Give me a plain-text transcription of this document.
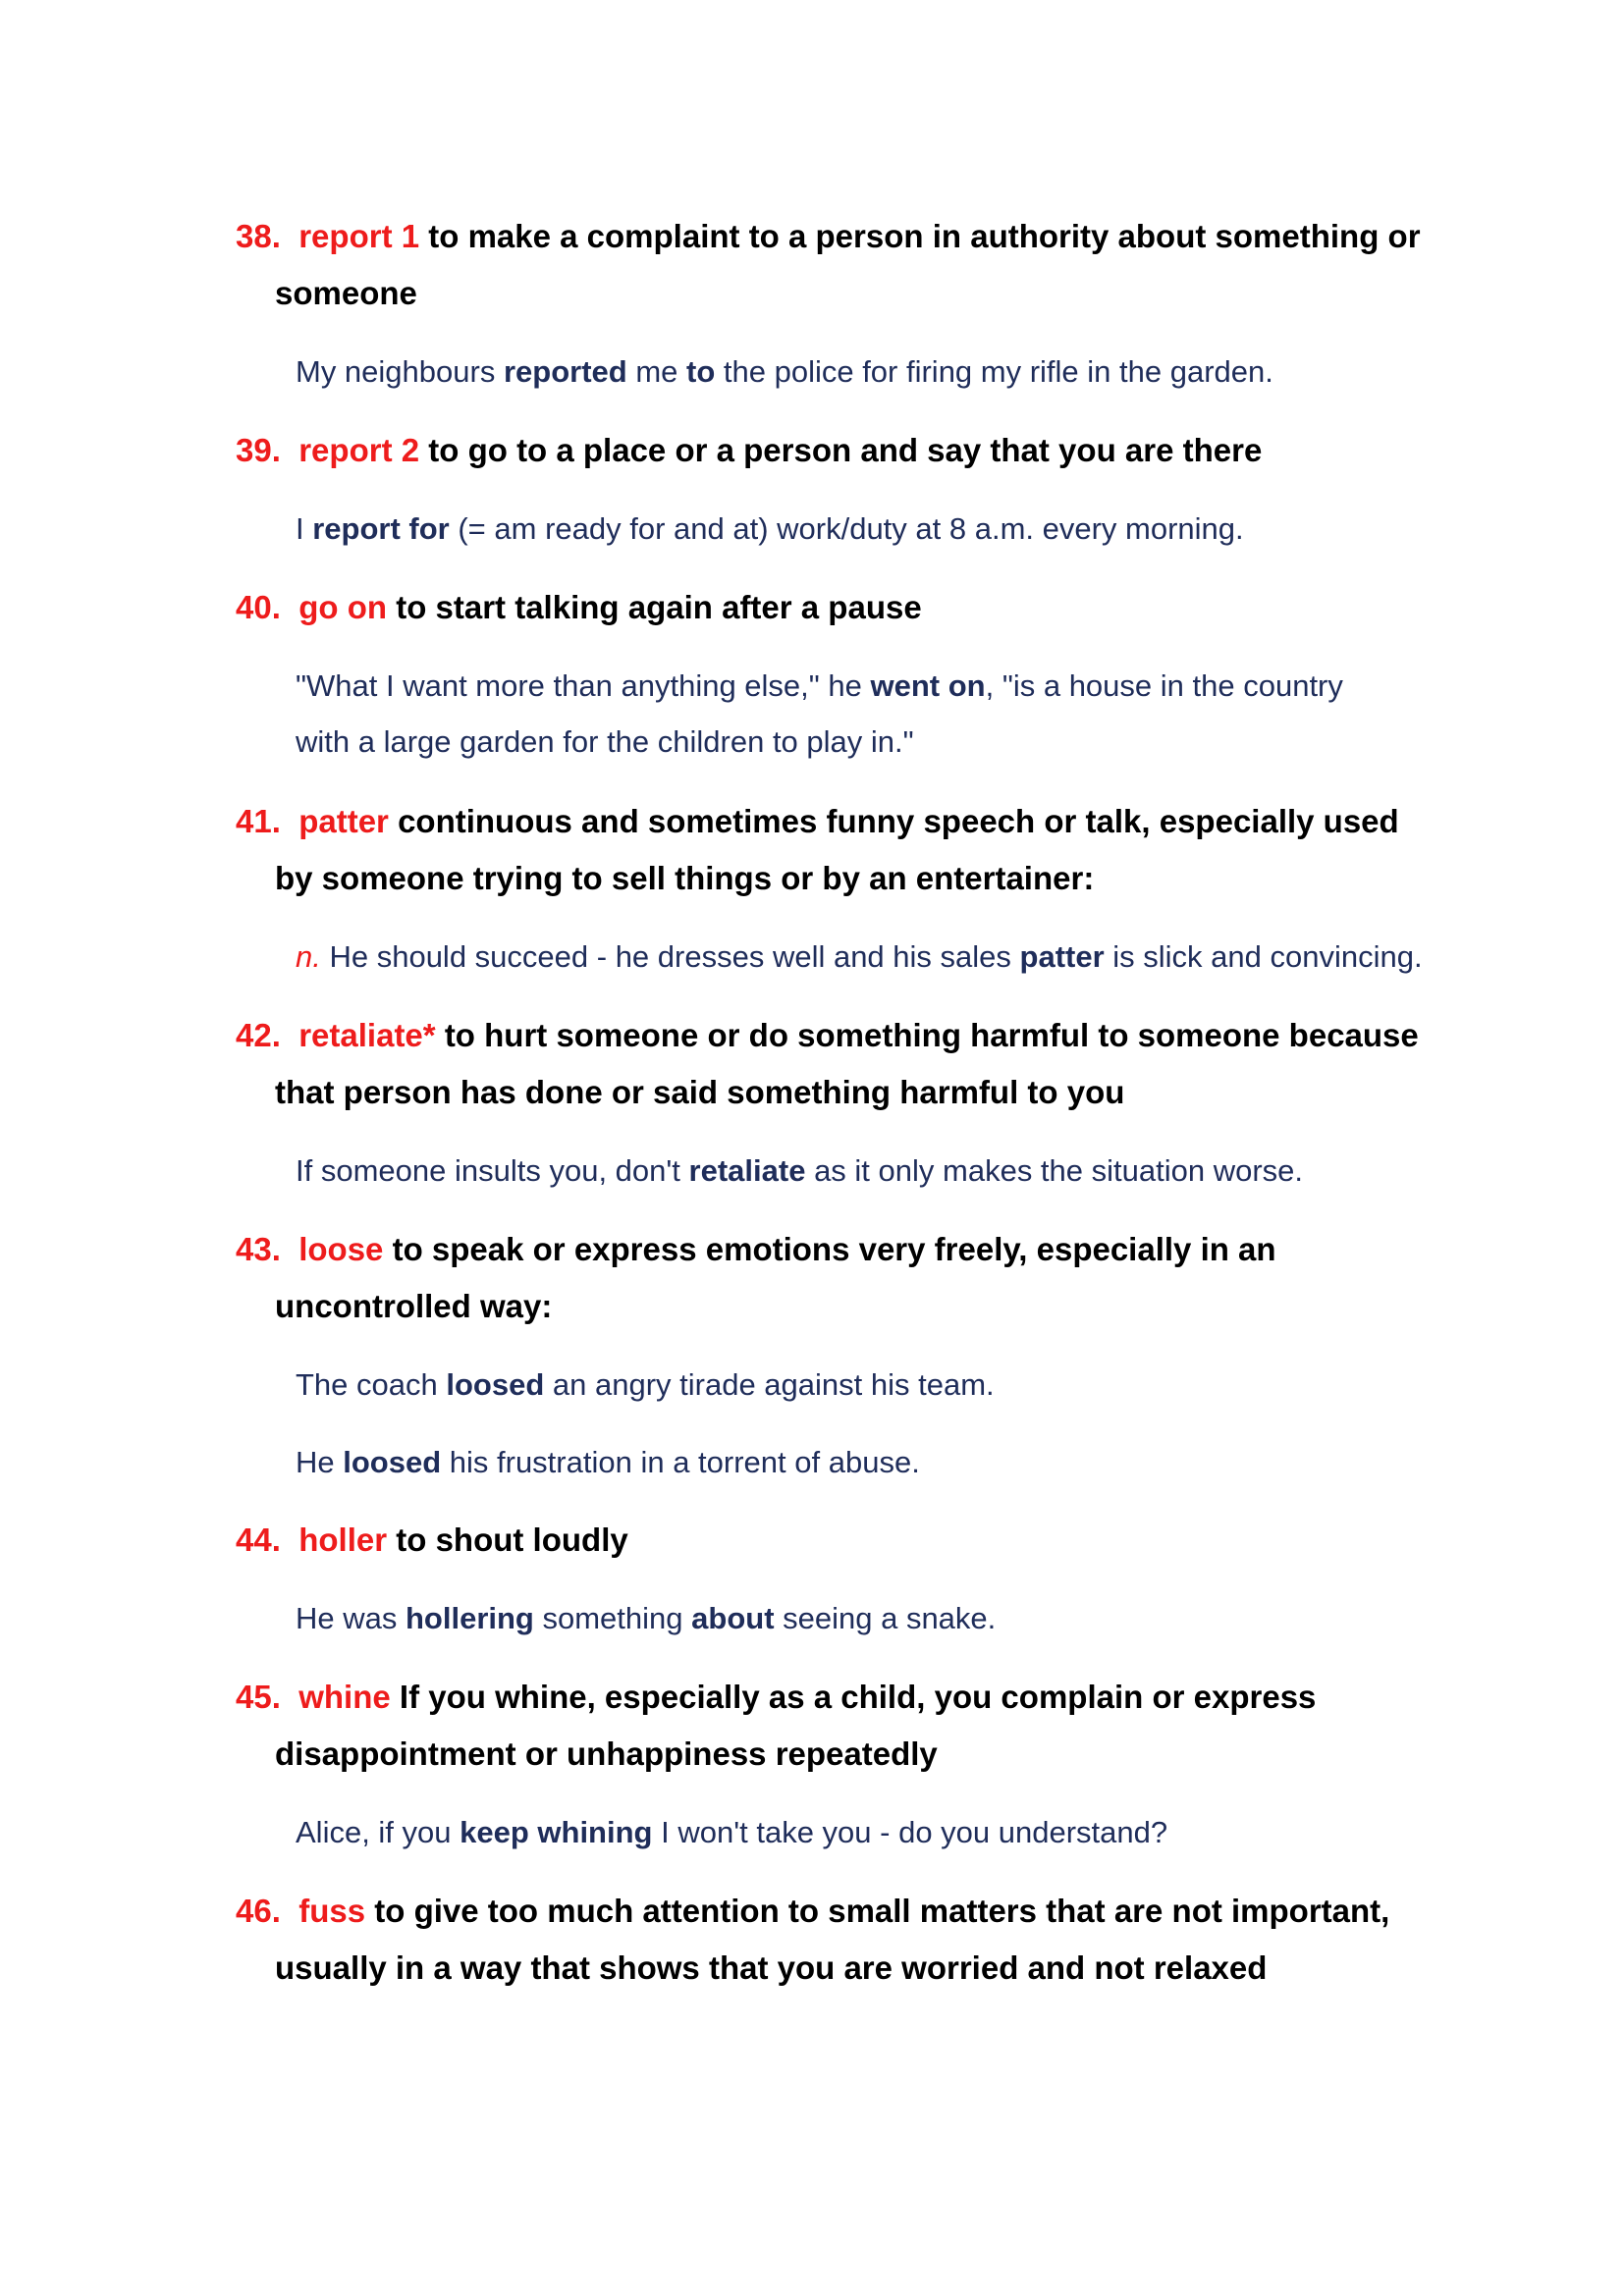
38. report 1 to make a complaint to a person in authority about something or someone

My neighbours reported me to the police for firing my rifle in the garden.

39. report 2 to go to a place or a person and say that you are there

I report for (= am ready for and at) work/duty at 8 a.m. every morning.

40. go on to start talking again after a pause

"What I want more than anything else," he went on, "is a house in the country with a large garden for the children to play in."

41. patter continuous and sometimes funny speech or talk, especially used by someone trying to sell things or by an entertainer:

n. He should succeed - he dresses well and his sales patter is slick and convincing.

42. retaliate* to hurt someone or do something harmful to someone because that person has done or said something harmful to you

If someone insults you, don't retaliate as it only makes the situation worse.

43. loose to speak or express emotions very freely, especially in an uncontrolled way:

The coach loosed an angry tirade against his team.

He loosed his frustration in a torrent of abuse.

44. holler to shout loudly

He was hollering something about seeing a snake.

45. whine If you whine, especially as a child, you complain or express disappointment or unhappiness repeatedly

Alice, if you keep whining I won't take you - do you understand?

46. fuss to give too much attention to small matters that are not important, usually in a way that shows that you are worried and not relaxed
